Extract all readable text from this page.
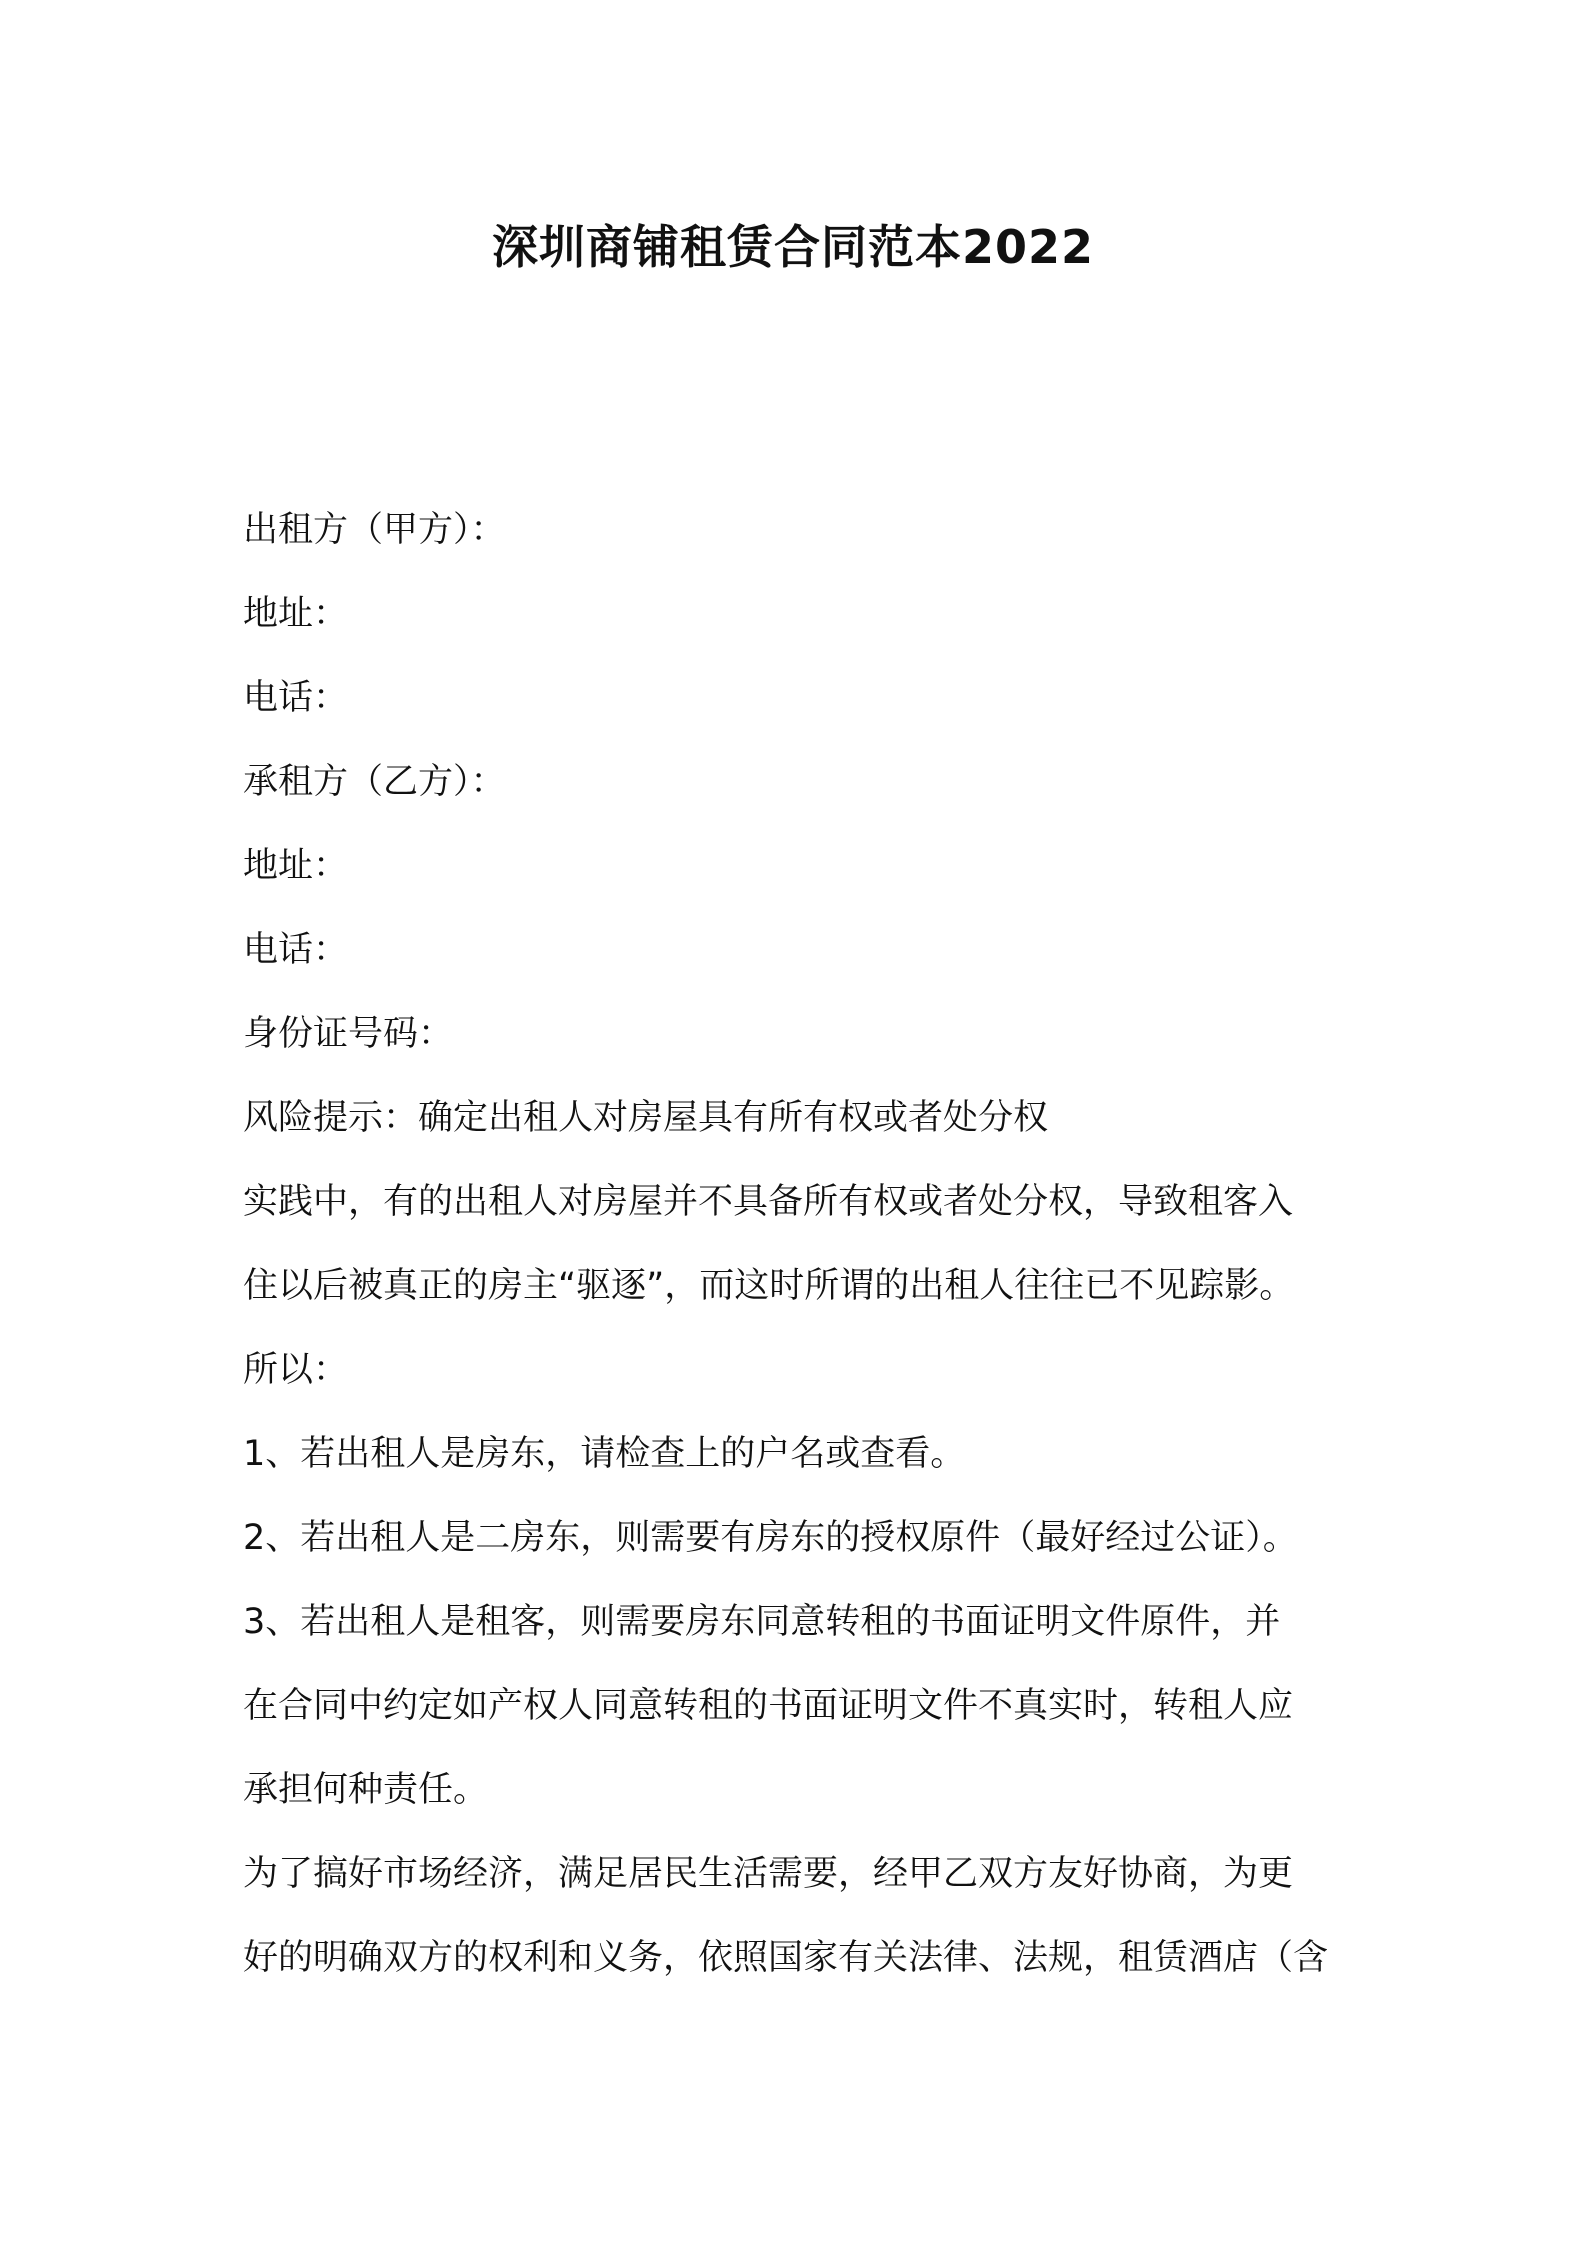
深圳商铺租赁合同范本2022
出租方（甲方）：
地址：
电话：
承租方（乙方）：
地址：
电话：
身份证号码：
风险提示：确定出租人对房屋具有所有权或者处分权
实践中，有的出租人对房屋并不具备所有权或者处分权，导致租客入
住以后被真正的房主“驱逐”，而这时所谓的出租人往往已不见踪影。
所以：
1、若出租人是房东，请检查上的户名或查看。
2、若出租人是二房东，则需要有房东的授权原件（最好经过公证）。
3、若出租人是租客，则需要房东同意转租的书面证明文件原件，并
在合同中约定如产权人同意转租的书面证明文件不真实时，转租人应
承担何种责任。
为了搞好市场经济，满足居民生活需要，经甲乙双方友好协商，为更
好的明确双方的权利和义务，依照国家有关法律、法规，租赁酒店（含
